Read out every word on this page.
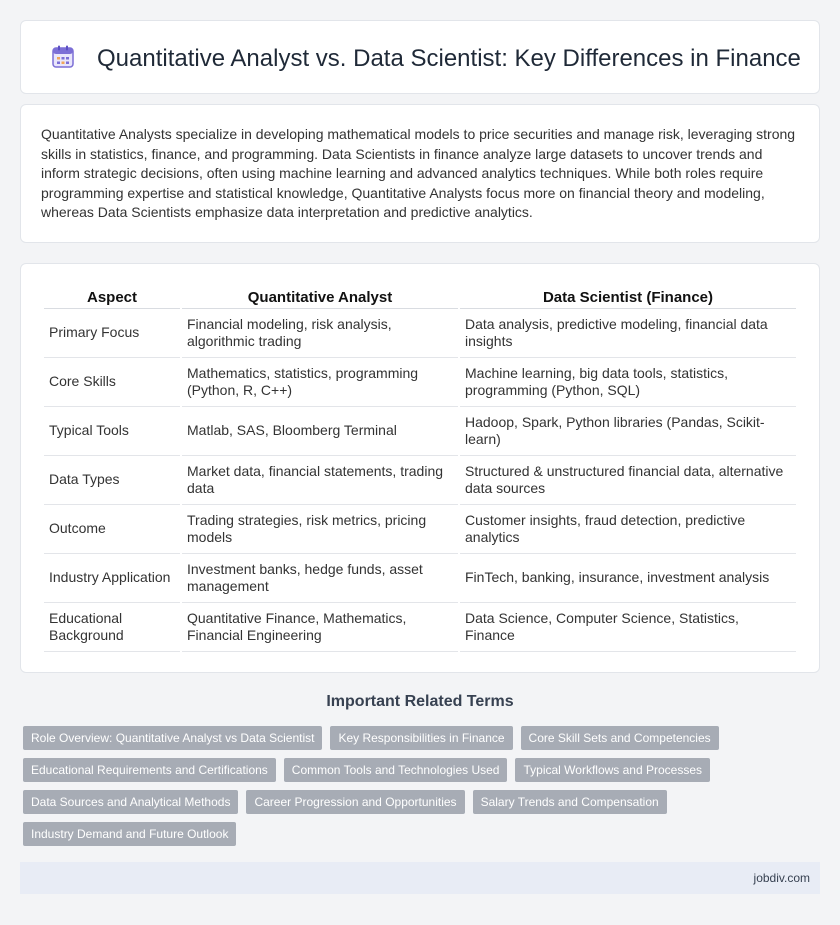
Quantitative Analyst vs. Data Scientist: Key Differences in Finance

Quantitative Analysts specialize in developing mathematical models to price securities and manage risk, leveraging strong skills in statistics, finance, and programming. Data Scientists in finance analyze large datasets to uncover trends and inform strategic decisions, often using machine learning and advanced analytics techniques. While both roles require programming expertise and statistical knowledge, Quantitative Analysts focus more on financial theory and modeling, whereas Data Scientists emphasize data interpretation and predictive analytics.

Aspect	Quantitative Analyst	Data Scientist (Finance)
Primary Focus	Financial modeling, risk analysis, algorithmic trading	Data analysis, predictive modeling, financial data insights
Core Skills	Mathematics, statistics, programming (Python, R, C++)	Machine learning, big data tools, statistics, programming (Python, SQL)
Typical Tools	Matlab, SAS, Bloomberg Terminal	Hadoop, Spark, Python libraries (Pandas, Scikit-learn)
Data Types	Market data, financial statements, trading data	Structured & unstructured financial data, alternative data sources
Outcome	Trading strategies, risk metrics, pricing models	Customer insights, fraud detection, predictive analytics
Industry Application	Investment banks, hedge funds, asset management	FinTech, banking, insurance, investment analysis
Educational Background	Quantitative Finance, Mathematics, Financial Engineering	Data Science, Computer Science, Statistics, Finance
Important Related Terms
Role Overview: Quantitative Analyst vs Data Scientist	Key Responsibilities in Finance	Core Skill Sets and Competencies
Educational Requirements and Certifications	Common Tools and Technologies Used	Typical Workflows and Processes
Data Sources and Analytical Methods	Career Progression and Opportunities	Salary Trends and Compensation
Industry Demand and Future Outlook
jobdiv.com
